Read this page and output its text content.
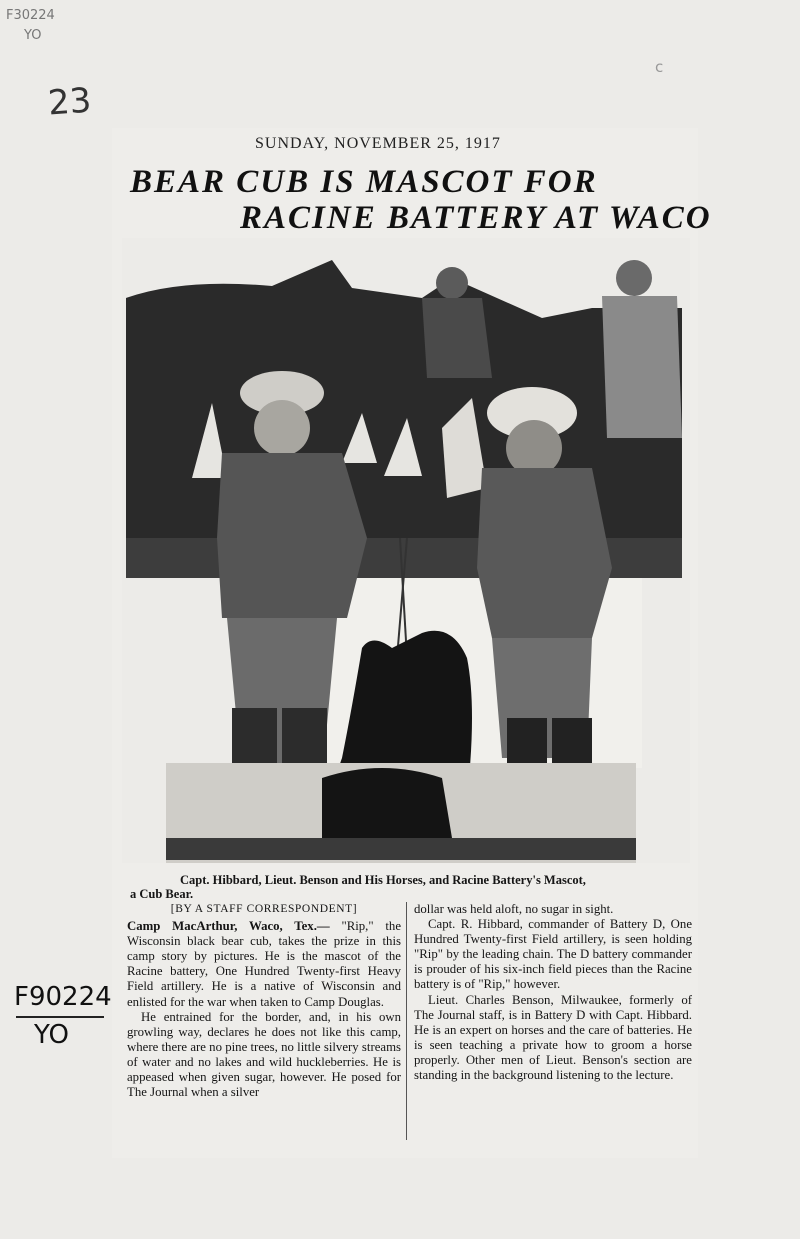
F30224
YO
c
23
F90224
YO
SUNDAY, NOVEMBER 25, 1917
BEAR CUB IS MASCOT FOR
RACINE BATTERY AT WACO
Capt. Hibbard, Lieut. Benson and His Horses, and Racine Battery's Mascot,
a Cub Bear.

[BY A STAFF CORRESPONDENT]

Camp MacArthur, Waco, Tex.— "Rip," the Wisconsin black bear cub, takes the prize in this camp story by pictures. He is the mascot of the Racine battery, One Hundred Twenty-first Heavy Field artillery. He is a native of Wisconsin and enlisted for the war when taken to Camp Douglas.

He entrained for the border, and, in his own growling way, declares he does not like this camp, where there are no pine trees, no little silvery streams of water and no lakes and wild huckleberries. He is appeased when given sugar, however. He posed for The Journal when a silver

dollar was held aloft, no sugar in sight.

Capt. R. Hibbard, commander of Battery D, One Hundred Twenty-first Field artillery, is seen holding "Rip" by the leading chain. The D battery commander is prouder of his six-inch field pieces than the Racine battery is of "Rip," however.

Lieut. Charles Benson, Milwaukee, formerly of The Journal staff, is in Battery D with Capt. Hibbard. He is an expert on horses and the care of batteries. He is seen teaching a private how to groom a horse properly. Other men of Lieut. Benson's section are standing in the background listening to the lecture.
